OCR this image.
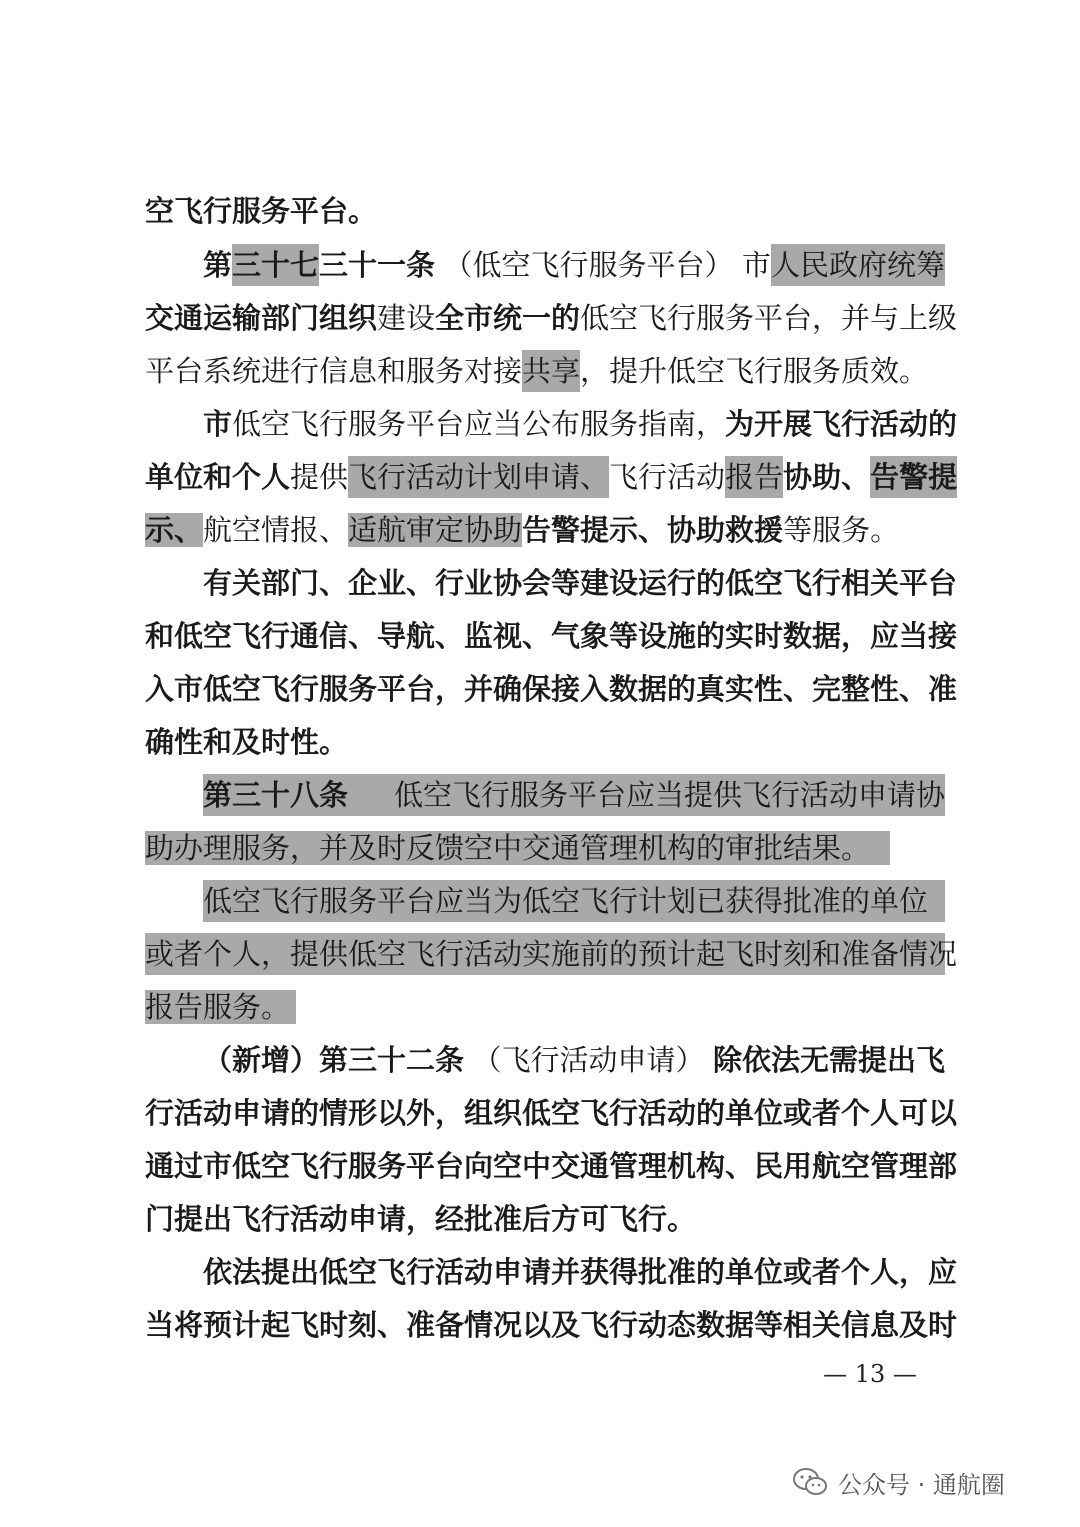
空飞行服务平台。
第三十七三十一条 （低空飞行服务平台） 市人民政府统筹
交通运输部门组织 建设 全市统一的 低空飞行服务平台，并与上级
平台系统进行信息和服务对接共享，提升低空飞行服务质效。
市 低空飞行服务平台应当公布服务指南， 为开展飞行活动的
单位和个人 提供飞行活动计划申请、飞行活动报告 协助、告警提
示、航空情报、适航审定协助告警提示、协助救援等服务。
有关部门、企业、行业协会等建设运行的低空飞行相关平台
和低空飞行通信、导航、监视、气象等设施的实时数据，应当接
入市低空飞行服务平台，并确保接入数据的真实性、完整性、准
确性和及时性。
第三十八条 低空飞行服务平台应当提供飞行活动申请协
助办理服务，并及时反馈空中交通管理机构的审批结果。
低空飞行服务平台应当为低空飞行计划已获得批准的单位
或者个人，提供低空飞行活动实施前的预计起飞时刻和准备情况
报告服务。
（新增）第三十二条 （飞行活动申请） 除依法无需提出飞
行活动申请的情形以外，组织低空飞行活动的单位或者个人可以
通过市低空飞行服务平台向空中交通管理机构、民用航空管理部
门提出飞行活动申请，经批准后方可飞行。
依法提出低空飞行活动申请并获得批准的单位或者个人，应
当将预计起飞时刻、准备情况以及飞行动态数据等相关信息及时
— 13 —
公众号 · 通航圈
